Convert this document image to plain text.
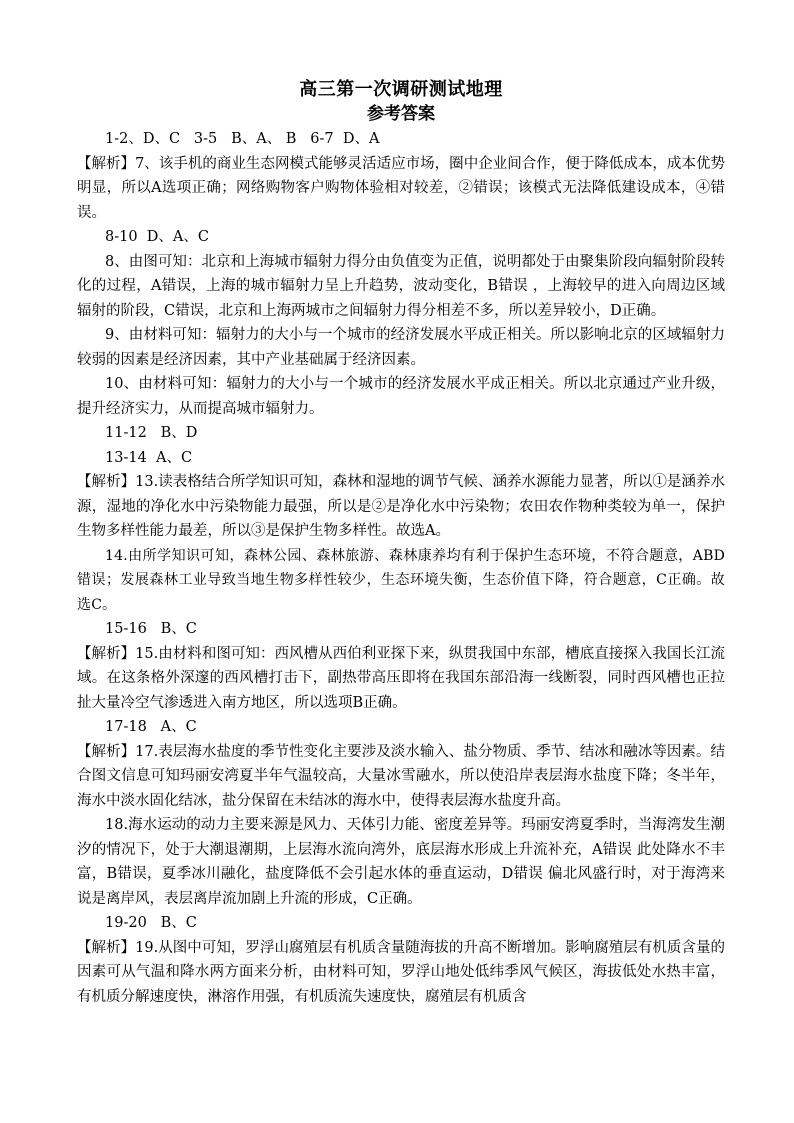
高三第一次调研测试地理

参考答案

1-2、D、C   3-5   B、A、 B   6-7  D、A

【解析】7、该手机的商业生态网模式能够灵活适应市场，圈中企业间合作，便于降低成本，成本优势明显，所以A选项正确；网络购物客户购物体验相对较差，②错误；该模式无法降低建设成本，④错误。

8-10  D、A、C

8、由图可知：北京和上海城市辐射力得分由负值变为正值，说明都处于由聚集阶段向辐射阶段转化的过程，A错误，上海的城市辐射力呈上升趋势，波动变化，B错误 ，上海较早的进入向周边区域辐射的阶段，C错误，北京和上海两城市之间辐射力得分相差不多，所以差异较小，D正确。

9、由材料可知：辐射力的大小与一个城市的经济发展水平成正相关。所以影响北京的区域辐射力较弱的因素是经济因素，其中产业基础属于经济因素。

10、由材料可知：辐射力的大小与一个城市的经济发展水平成正相关。所以北京通过产业升级，提升经济实力，从而提高城市辐射力。

11-12   B、D

13-14  A、C

【解析】13.读表格结合所学知识可知，森林和湿地的调节气候、涵养水源能力显著，所以①是涵养水源，湿地的净化水中污染物能力最强，所以是②是净化水中污染物；农田农作物种类较为单一，保护生物多样性能力最差，所以③是保护生物多样性。故选A。

14.由所学知识可知，森林公园、森林旅游、森林康养均有利于保护生态环境，不符合题意，ABD错误；发展森林工业导致当地生物多样性较少，生态环境失衡，生态价值下降，符合题意，C正确。故选C。

15-16   B、C

【解析】15.由材料和图可知：西风槽从西伯利亚探下来，纵贯我国中东部，槽底直接探入我国长江流域。在这条格外深邃的西风槽打击下，副热带高压即将在我国东部沿海一线断裂，同时西风槽也正拉扯大量冷空气渗透进入南方地区，所以选项B正确。

17-18   A、C

【解析】17.表层海水盐度的季节性变化主要涉及淡水输入、盐分物质、季节、结冰和融冰等因素。结合图文信息可知玛丽安湾夏半年气温较高，大量冰雪融水，所以使沿岸表层海水盐度下降；冬半年，海水中淡水固化结冰，盐分保留在未结冰的海水中，使得表层海水盐度升高。

18.海水运动的动力主要来源是风力、天体引力能、密度差异等。玛丽安湾夏季时，当海湾发生潮汐的情况下，处于大潮退潮期，上层海水流向湾外，底层海水形成上升流补充，A错误 此处降水不丰富，B错误，夏季冰川融化，盐度降低不会引起水体的垂直运动，D错误 偏北风盛行时，对于海湾来说是离岸风，表层离岸流加剧上升流的形成，C正确。

19-20   B、C

【解析】19.从图中可知，罗浮山腐殖层有机质含量随海拔的升高不断增加。影响腐殖层有机质含量的因素可从气温和降水两方面来分析，由材料可知，罗浮山地处低纬季风气候区，海拔低处水热丰富，有机质分解速度快，淋溶作用强，有机质流失速度快，腐殖层有机质含
